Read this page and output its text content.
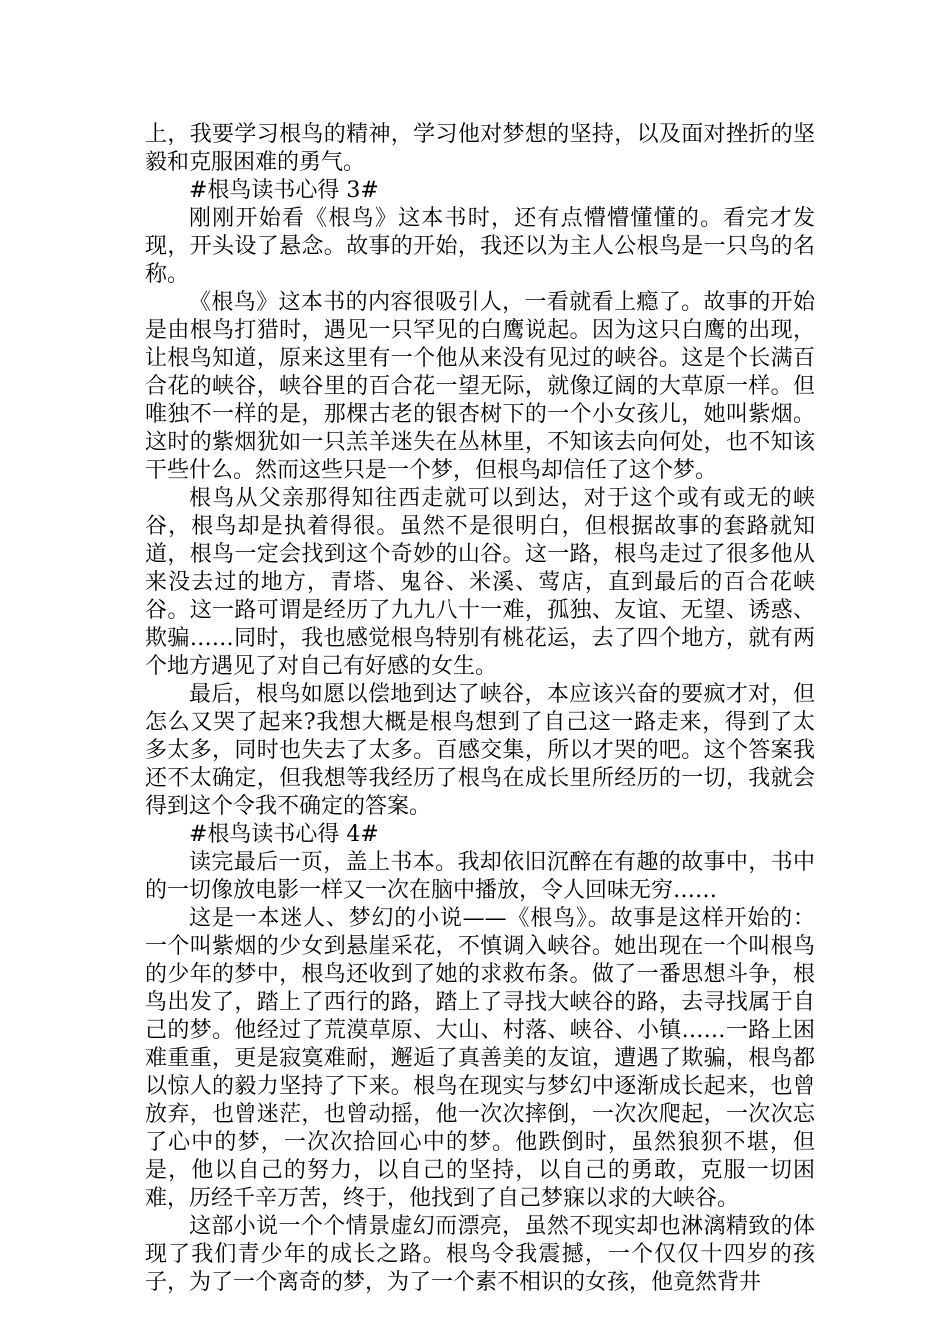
上，我要学习根鸟的精神，学习他对梦想的坚持，以及面对挫折的坚毅和克服困难的勇气。

#根鸟读书心得 3#

刚刚开始看《根鸟》这本书时，还有点懵懵懂懂的。看完才发现，开头设了悬念。故事的开始，我还以为主人公根鸟是一只鸟的名称。

《根鸟》这本书的内容很吸引人，一看就看上瘾了。故事的开始是由根鸟打猎时，遇见一只罕见的白鹰说起。因为这只白鹰的出现，让根鸟知道，原来这里有一个他从来没有见过的峡谷。这是个长满百合花的峡谷，峡谷里的百合花一望无际，就像辽阔的大草原一样。但唯独不一样的是，那棵古老的银杏树下的一个小女孩儿，她叫紫烟。这时的紫烟犹如一只羔羊迷失在丛林里，不知该去向何处，也不知该干些什么。然而这些只是一个梦，但根鸟却信任了这个梦。

根鸟从父亲那得知往西走就可以到达，对于这个或有或无的峡谷，根鸟却是执着得很。虽然不是很明白，但根据故事的套路就知道，根鸟一定会找到这个奇妙的山谷。这一路，根鸟走过了很多他从来没去过的地方，青塔、鬼谷、米溪、莺店，直到最后的百合花峡谷。这一路可谓是经历了九九八十一难，孤独、友谊、无望、诱惑、欺骗……同时，我也感觉根鸟特别有桃花运，去了四个地方，就有两个地方遇见了对自己有好感的女生。

最后，根鸟如愿以偿地到达了峡谷，本应该兴奋的要疯才对，但怎么又哭了起来?我想大概是根鸟想到了自己这一路走来，得到了太多太多，同时也失去了太多。百感交集，所以才哭的吧。这个答案我还不太确定，但我想等我经历了根鸟在成长里所经历的一切，我就会得到这个令我不确定的答案。

#根鸟读书心得 4#

读完最后一页，盖上书本。我却依旧沉醉在有趣的故事中，书中的一切像放电影一样又一次在脑中播放，令人回味无穷……

这是一本迷人、梦幻的小说——《根鸟》。故事是这样开始的：一个叫紫烟的少女到悬崖采花，不慎调入峡谷。她出现在一个叫根鸟的少年的梦中，根鸟还收到了她的求救布条。做了一番思想斗争，根鸟出发了，踏上了西行的路，踏上了寻找大峡谷的路，去寻找属于自己的梦。他经过了荒漠草原、大山、村落、峡谷、小镇……一路上困难重重，更是寂寞难耐，邂逅了真善美的友谊，遭遇了欺骗，根鸟都以惊人的毅力坚持了下来。根鸟在现实与梦幻中逐渐成长起来，也曾放弃，也曾迷茫，也曾动摇，他一次次摔倒，一次次爬起，一次次忘了心中的梦，一次次拾回心中的梦。他跌倒时，虽然狼狈不堪，但是，他以自己的努力，以自己的坚持，以自己的勇敢，克服一切困难，历经千辛万苦，终于，他找到了自己梦寐以求的大峡谷。

这部小说一个个情景虚幻而漂亮，虽然不现实却也淋漓精致的体现了我们青少年的成长之路。根鸟令我震撼，一个仅仅十四岁的孩子，为了一个离奇的梦，为了一个素不相识的女孩，他竟然背井
